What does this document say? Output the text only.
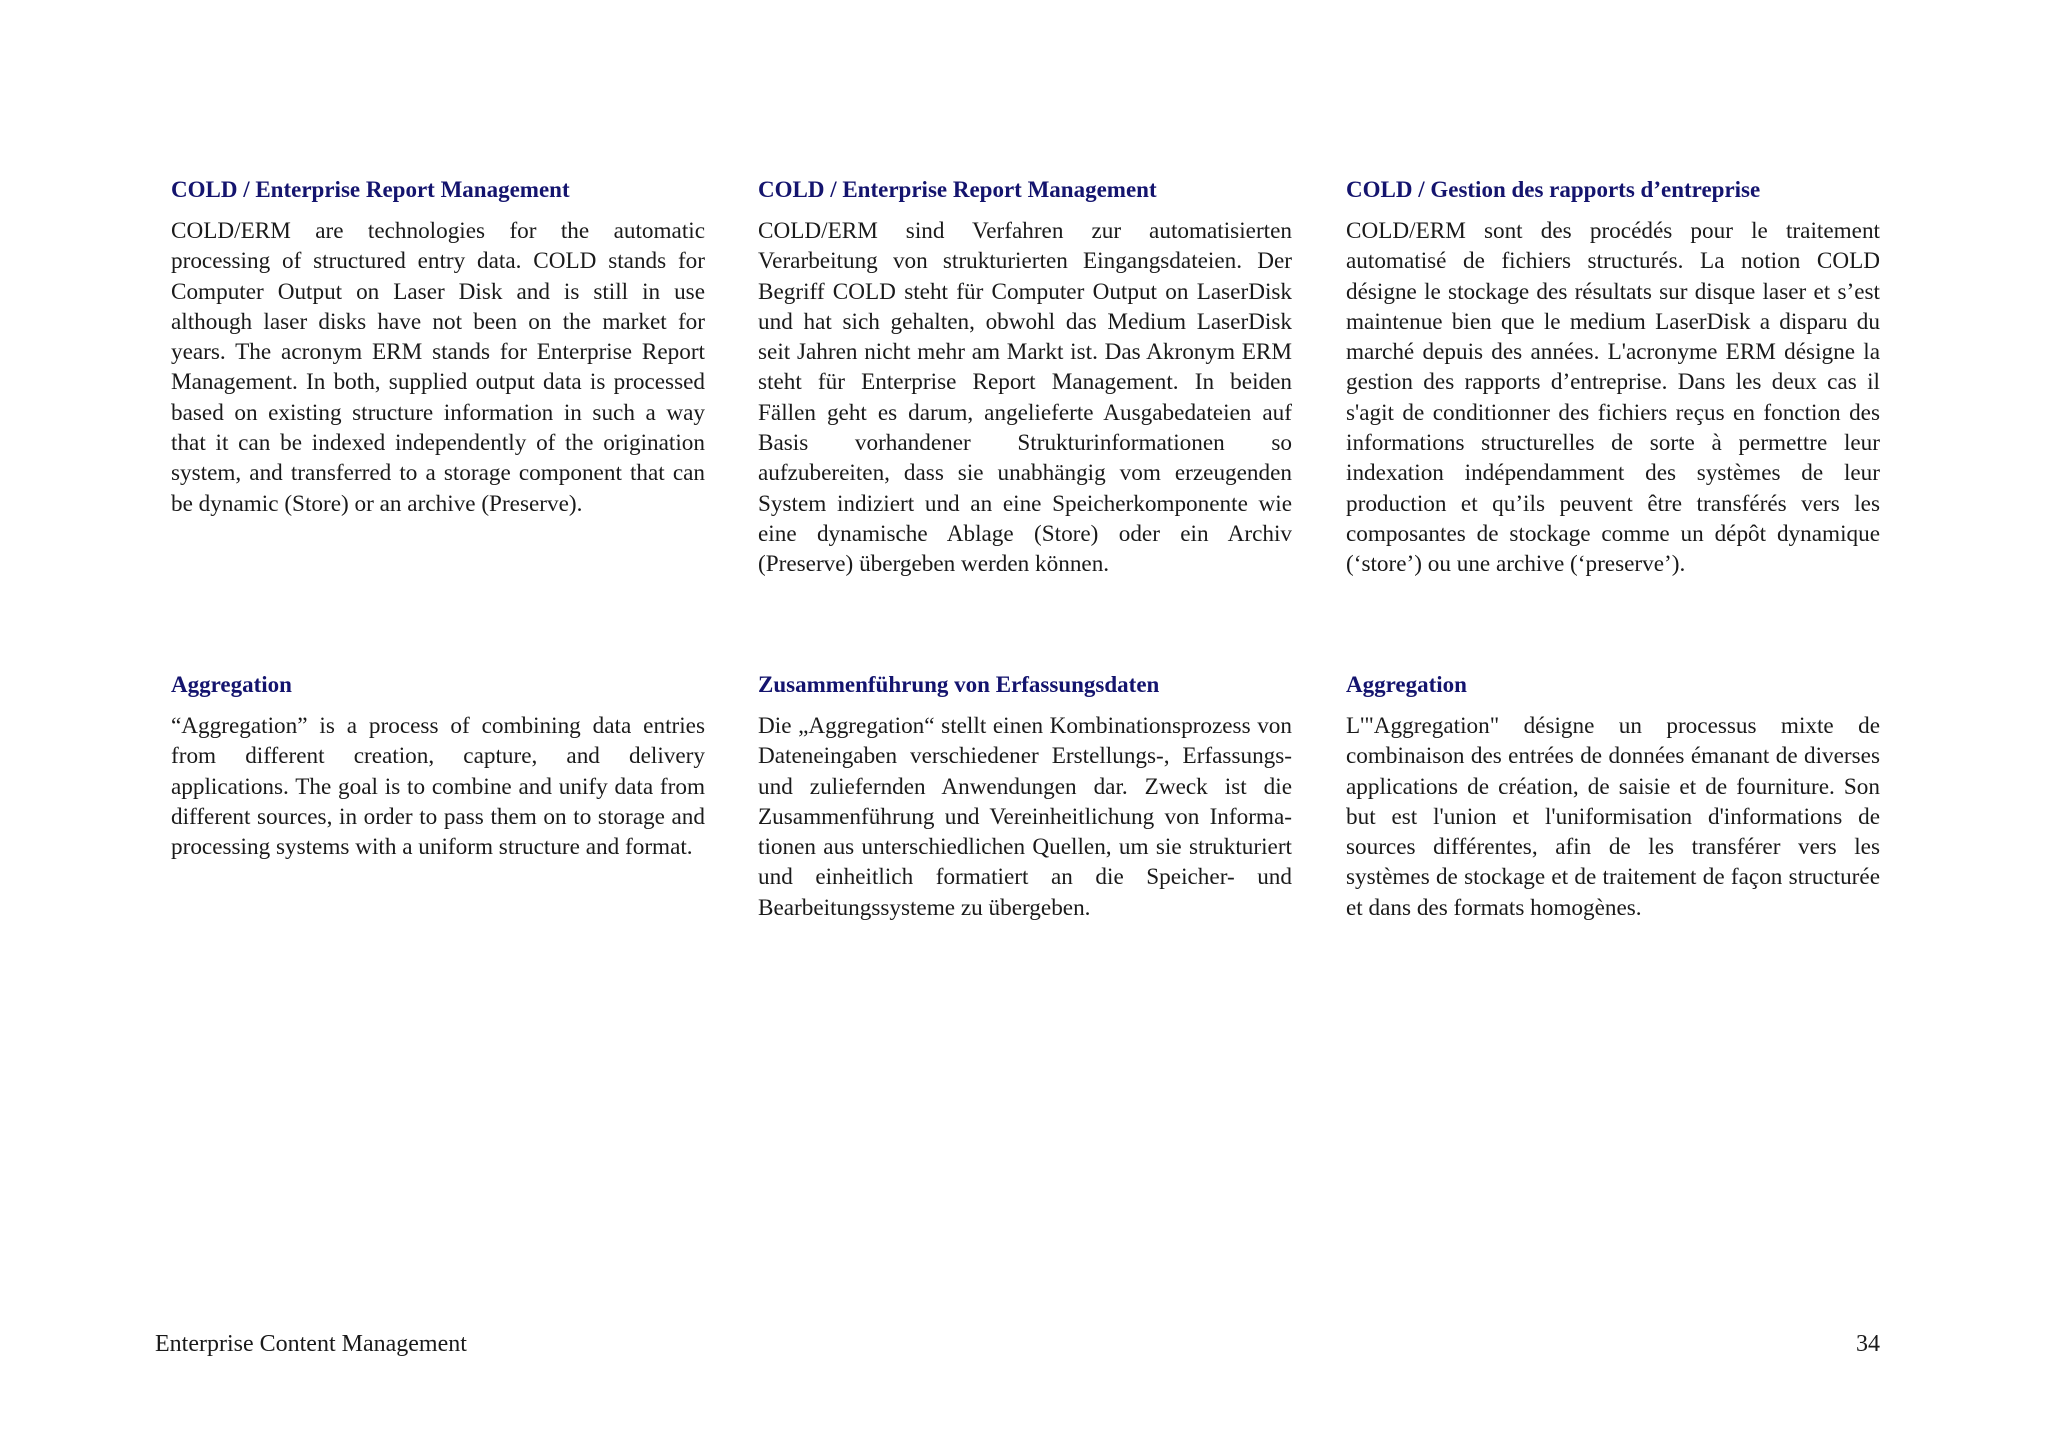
COLD / Enterprise Report Management

COLD/ERM are technologies for the automatic processing of structured entry data. COLD stands for Computer Output on Laser Disk and is still in use although laser disks have not been on the market for years. The acronym ERM stands for Enterprise Report Management. In both, supplied output data is processed based on existing structure information in such a way that it can be indexed independently of the origination system, and transferred to a storage component that can be dynamic (Store) or an archive (Preserve).

Aggregation

“Aggregation” is a process of combining data entries from different creation, capture, and delivery applications. The goal is to combine and unify data from different sources, in order to pass them on to storage and processing systems with a uniform structure and format.

COLD / Enterprise Report Management

COLD/ERM sind Verfahren zur automatisierten Verarbeitung von strukturierten Eingangsdateien. Der Begriff COLD steht für Computer Output on LaserDisk und hat sich gehalten, obwohl das Medium LaserDisk seit Jahren nicht mehr am Markt ist. Das Akronym ERM steht für Enterprise Report Management. In beiden Fällen geht es darum, angelieferte Ausgabedateien auf Basis vorhandener Strukturinformationen so aufzubereiten, dass sie unabhängig vom erzeugenden System indiziert und an eine Speicherkomponente wie eine dynamische Ablage (Store) oder ein Archiv (Preserve) übergeben werden können.

Zusammenführung von Erfassungsdaten

Die „Aggregation“ stellt einen Kombinationsprozess von Dateneingaben verschiedener Erstellungs-, Erfassungs- und zuliefernden Anwendungen dar. Zweck ist die Zusammenführung und Vereinheitlichung von Informationen aus unterschiedlichen Quellen, um sie strukturiert und einheitlich formatiert an die Speicher- und Bearbeitungssysteme zu übergeben.

COLD / Gestion des rapports d’entreprise

COLD/ERM sont des procédés pour le traitement automatisé de fichiers structurés. La notion COLD désigne le stockage des résultats sur disque laser et s’est maintenue bien que le medium LaserDisk a disparu du marché depuis des années. L'acronyme ERM désigne la gestion des rapports d’entreprise. Dans les deux cas il s'agit de conditionner des fichiers reçus en fonction des informations structurelles de sorte à permettre leur indexation indépendamment des systèmes de leur production et qu’ils peuvent être transférés vers les composantes de stockage comme un dépôt dynamique (‘store’) ou une archive (‘preserve’).

Aggregation

L'"Aggregation" désigne un processus mixte de combinaison des entrées de données émanant de diverses applications de création, de saisie et de fourniture. Son but est l'union et l'uniformisation d'informations de sources différentes, afin de les transférer vers les systèmes de stockage et de traitement de façon structurée et dans des formats homogènes.

Enterprise Content Management	34
